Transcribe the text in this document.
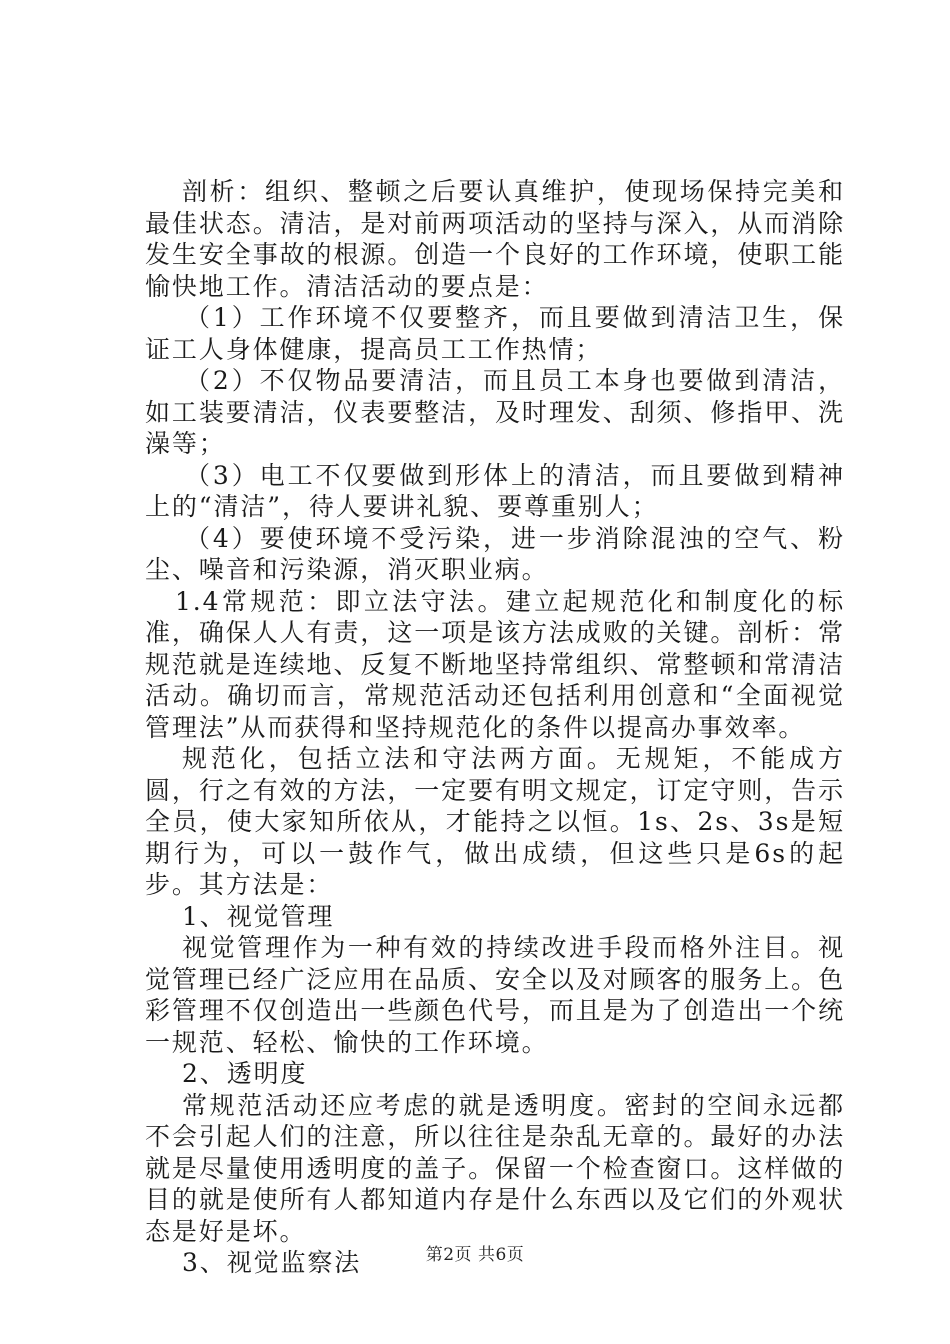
剖析：组织、整顿之后要认真维护，使现场保持完美和最佳状态。清洁，是对前两项活动的坚持与深入，从而消除发生安全事故的根源。创造一个良好的工作环境，使职工能愉快地工作。清洁活动的要点是：

（1）工作环境不仅要整齐，而且要做到清洁卫生，保证工人身体健康，提高员工工作热情；

（2）不仅物品要清洁，而且员工本身也要做到清洁，如工装要清洁，仪表要整洁，及时理发、刮须、修指甲、洗澡等；

（3）电工不仅要做到形体上的清洁，而且要做到精神上的“清洁”，待人要讲礼貌、要尊重别人；

（4）要使环境不受污染，进一步消除混浊的空气、粉尘、噪音和污染源，消灭职业病。

1.4常规范：即立法守法。建立起规范化和制度化的标准，确保人人有责，这一项是该方法成败的关键。剖析：常规范就是连续地、反复不断地坚持常组织、常整顿和常清洁活动。确切而言，常规范活动还包括利用创意和“全面视觉管理法”从而获得和坚持规范化的条件以提高办事效率。

规范化，包括立法和守法两方面。无规矩，不能成方圆，行之有效的方法，一定要有明文规定，订定守则，告示全员，使大家知所依从，才能持之以恒。1s、2s、3s是短期行为，可以一鼓作气，做出成绩，但这些只是6s的起步。其方法是：

1、视觉管理

视觉管理作为一种有效的持续改进手段而格外注目。视觉管理已经广泛应用在品质、安全以及对顾客的服务上。色彩管理不仅创造出一些颜色代号，而且是为了创造出一个统一规范、轻松、愉快的工作环境。

2、透明度

常规范活动还应考虑的就是透明度。密封的空间永远都不会引起人们的注意，所以往往是杂乱无章的。最好的办法就是尽量使用透明度的盖子。保留一个检查窗口。这样做的目的就是使所有人都知道内存是什么东西以及它们的外观状态是好是坏。

3、视觉监察法	第2页 共6页
